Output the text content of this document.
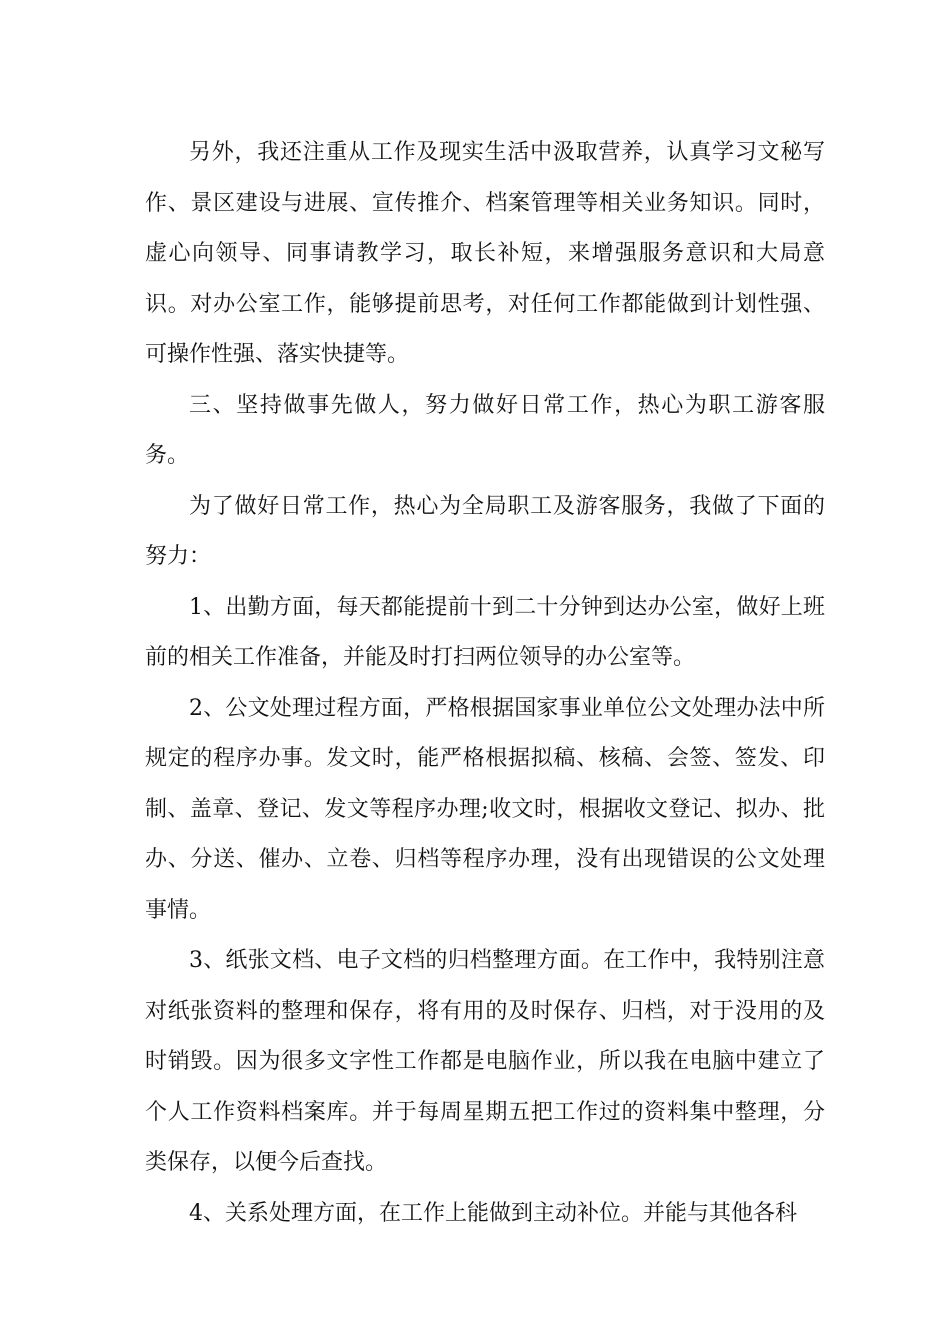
另外，我还注重从工作及现实生活中汲取营养，认真学习文秘写作、景区建设与进展、宣传推介、档案管理等相关业务知识。同时，虚心向领导、同事请教学习，取长补短，来增强服务意识和大局意识。对办公室工作，能够提前思考，对任何工作都能做到计划性强、可操作性强、落实快捷等。

三、坚持做事先做人，努力做好日常工作，热心为职工游客服务。

为了做好日常工作，热心为全局职工及游客服务，我做了下面的努力：

1、出勤方面，每天都能提前十到二十分钟到达办公室，做好上班前的相关工作准备，并能及时打扫两位领导的办公室等。

2、公文处理过程方面，严格根据国家事业单位公文处理办法中所规定的程序办事。发文时，能严格根据拟稿、核稿、会签、签发、印制、盖章、登记、发文等程序办理;收文时，根据收文登记、拟办、批办、分送、催办、立卷、归档等程序办理，没有出现错误的公文处理事情。

3、纸张文档、电子文档的归档整理方面。在工作中，我特别注意对纸张资料的整理和保存，将有用的及时保存、归档，对于没用的及时销毁。因为很多文字性工作都是电脑作业，所以我在电脑中建立了个人工作资料档案库。并于每周星期五把工作过的资料集中整理，分类保存，以便今后查找。

4、关系处理方面，在工作上能做到主动补位。并能与其他各科
